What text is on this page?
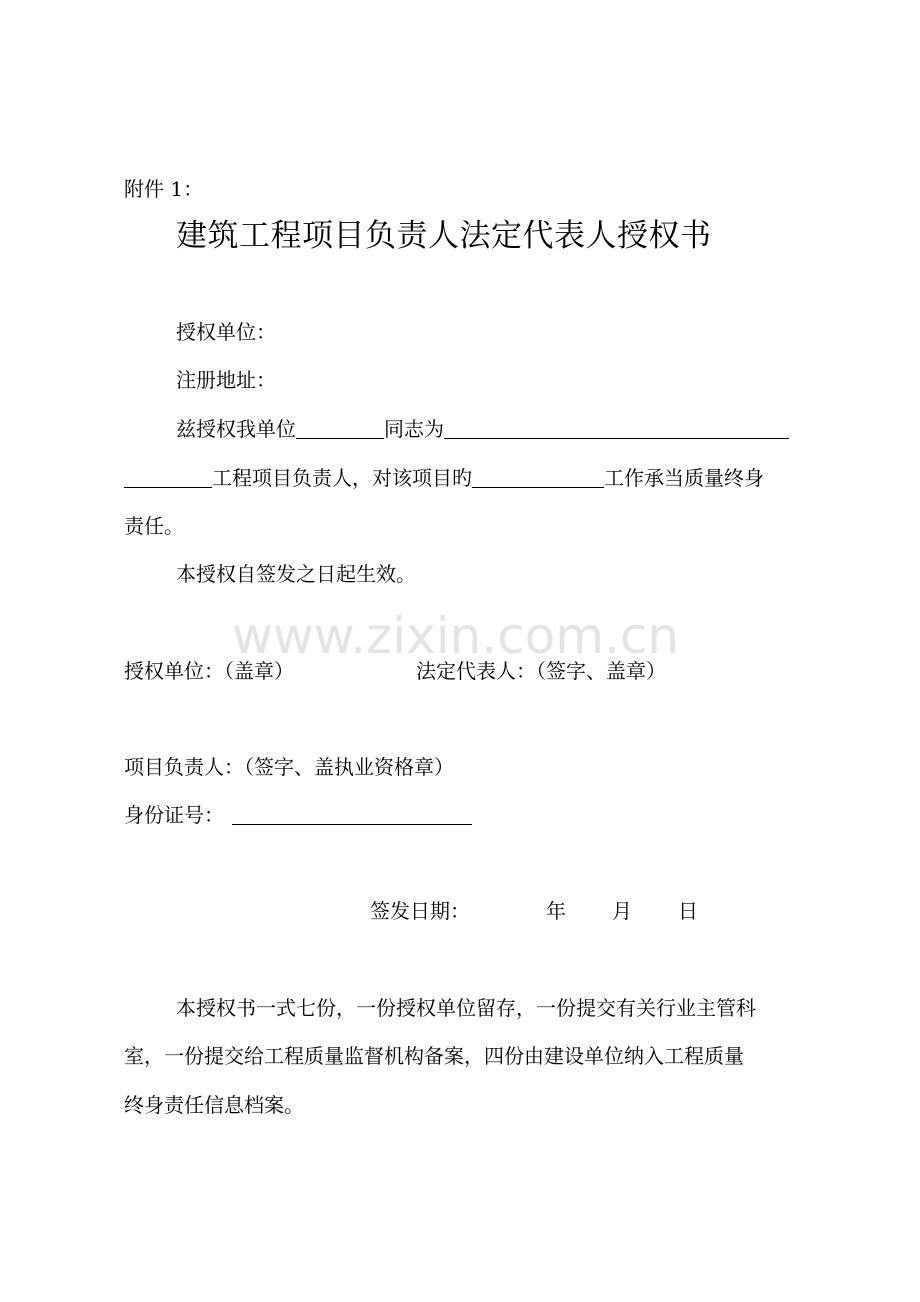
附件 1：
建筑工程项目负责人法定代表人授权书
授权单位：
注册地址：
兹授权我单位	同志为
工程项目负责人，对该项目旳	工作承当质量终身
责任。
本授权自签发之日起生效。
www.zixin.com.cn
授权单位：（盖章）	法定代表人：（签字、盖章）
项目负责人：（签字、盖执业资格章）
身份证号：
签发日期：	年 月 日
本授权书一式七份，一份授权单位留存，一份提交有关行业主管科
室，一份提交给工程质量监督机构备案，四份由建设单位纳入工程质量
终身责任信息档案。
